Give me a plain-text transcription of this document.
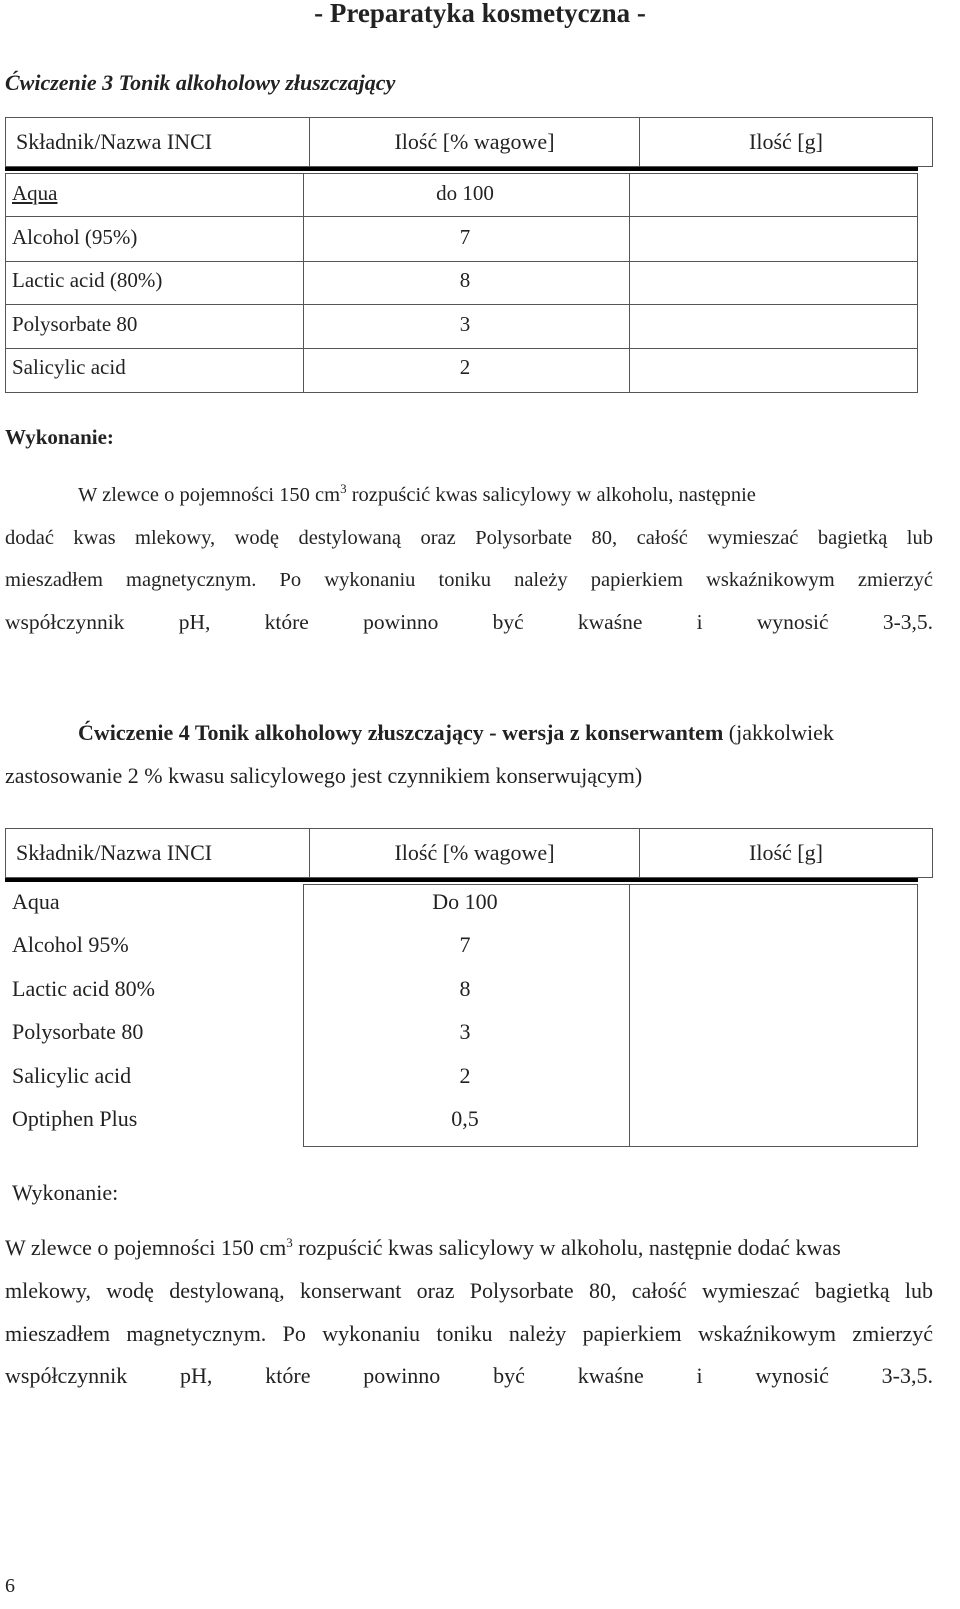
- Preparatyka kosmetyczna -
Ćwiczenie 3 Tonik alkoholowy złuszczający
Składnik/Nazwa INCI	Ilość [% wagowe]	Ilość [g]
Aqua	do 100
Alcohol (95%)	7
Lactic acid (80%)	8
Polysorbate 80	3
Salicylic acid	2
Wykonanie:
W zlewce o pojemności 150 $cm^3$ rozpuścić kwas salicylowy w alkoholu, następnie
dodać kwas mlekowy, wodę destylowaną oraz Polysorbate 80, całość wymieszać bagietką lub
mieszadłem magnetycznym. Po wykonaniu toniku należy papierkiem wskaźnikowym zmierzyć
współczynnik pH, które powinno być kwaśne i wynosić 3-3,5.
Ćwiczenie 4 Tonik alkoholowy złuszczający - wersja z konserwantem (jakkolwiek
zastosowanie 2 % kwasu salicylowego jest czynnikiem konserwującym)
Składnik/Nazwa INCI	Ilość [% wagowe]	Ilość [g]
Aqua	Do 100
Alcohol 95%	7
Lactic acid 80%	8
Polysorbate 80	3
Salicylic acid	2
Optiphen Plus	0,5
Wykonanie:
W zlewce o pojemności 150 $cm^3$ rozpuścić kwas salicylowy w alkoholu, następnie dodać kwas
mlekowy, wodę destylowaną, konserwant oraz Polysorbate 80, całość wymieszać bagietką lub
mieszadłem magnetycznym. Po wykonaniu toniku należy papierkiem wskaźnikowym zmierzyć
współczynnik pH, które powinno być kwaśne i wynosić 3-3,5.
6
